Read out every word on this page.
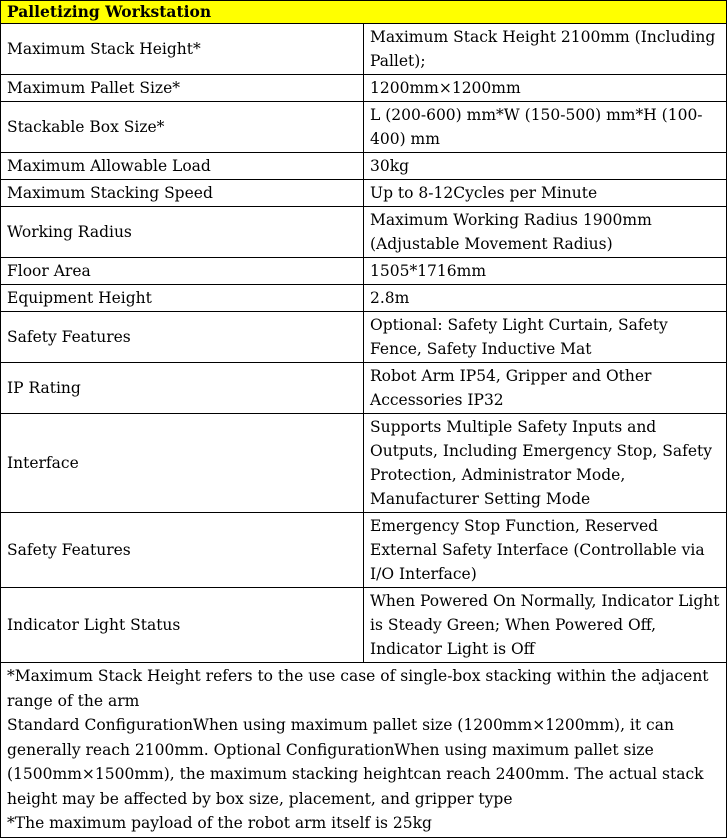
Palletizing Workstation	
Maximum Stack Height*	Maximum Stack Height 2100mm (Including Pallet);
Maximum Pallet Size*	1200mm×1200mm
Stackable Box Size*	L (200-600) mm*W (150-500) mm*H (100-400) mm
Maximum Allowable Load	30kg
Maximum Stacking Speed	Up to 8-12Cycles per Minute
Working Radius	Maximum Working Radius 1900mm (Adjustable Movement Radius)
Floor Area	1505*1716mm
Equipment Height	2.8m
Safety Features	Optional: Safety Light Curtain, Safety Fence, Safety Inductive Mat
IP Rating	Robot Arm IP54, Gripper and Other Accessories IP32
Interface	Supports Multiple Safety Inputs and Outputs, Including Emergency Stop, Safety Protection, Administrator Mode, Manufacturer Setting Mode
Safety Features	Emergency Stop Function, Reserved External Safety Interface (Controllable via I/O Interface)
Indicator Light Status	When Powered On Normally, Indicator Light is Steady Green; When Powered Off, Indicator Light is Off

*Maximum Stack Height refers to the use case of single-box stacking within the adjacent range of the arm
Standard ConfigurationWhen using maximum pallet size (1200mm×1200mm), it can generally reach 2100mm. Optional ConfigurationWhen using maximum pallet size (1500mm×1500mm), the maximum stacking heightcan reach 2400mm. The actual stack height may be affected by box size, placement, and gripper type
*The maximum payload of the robot arm itself is 25kg	
